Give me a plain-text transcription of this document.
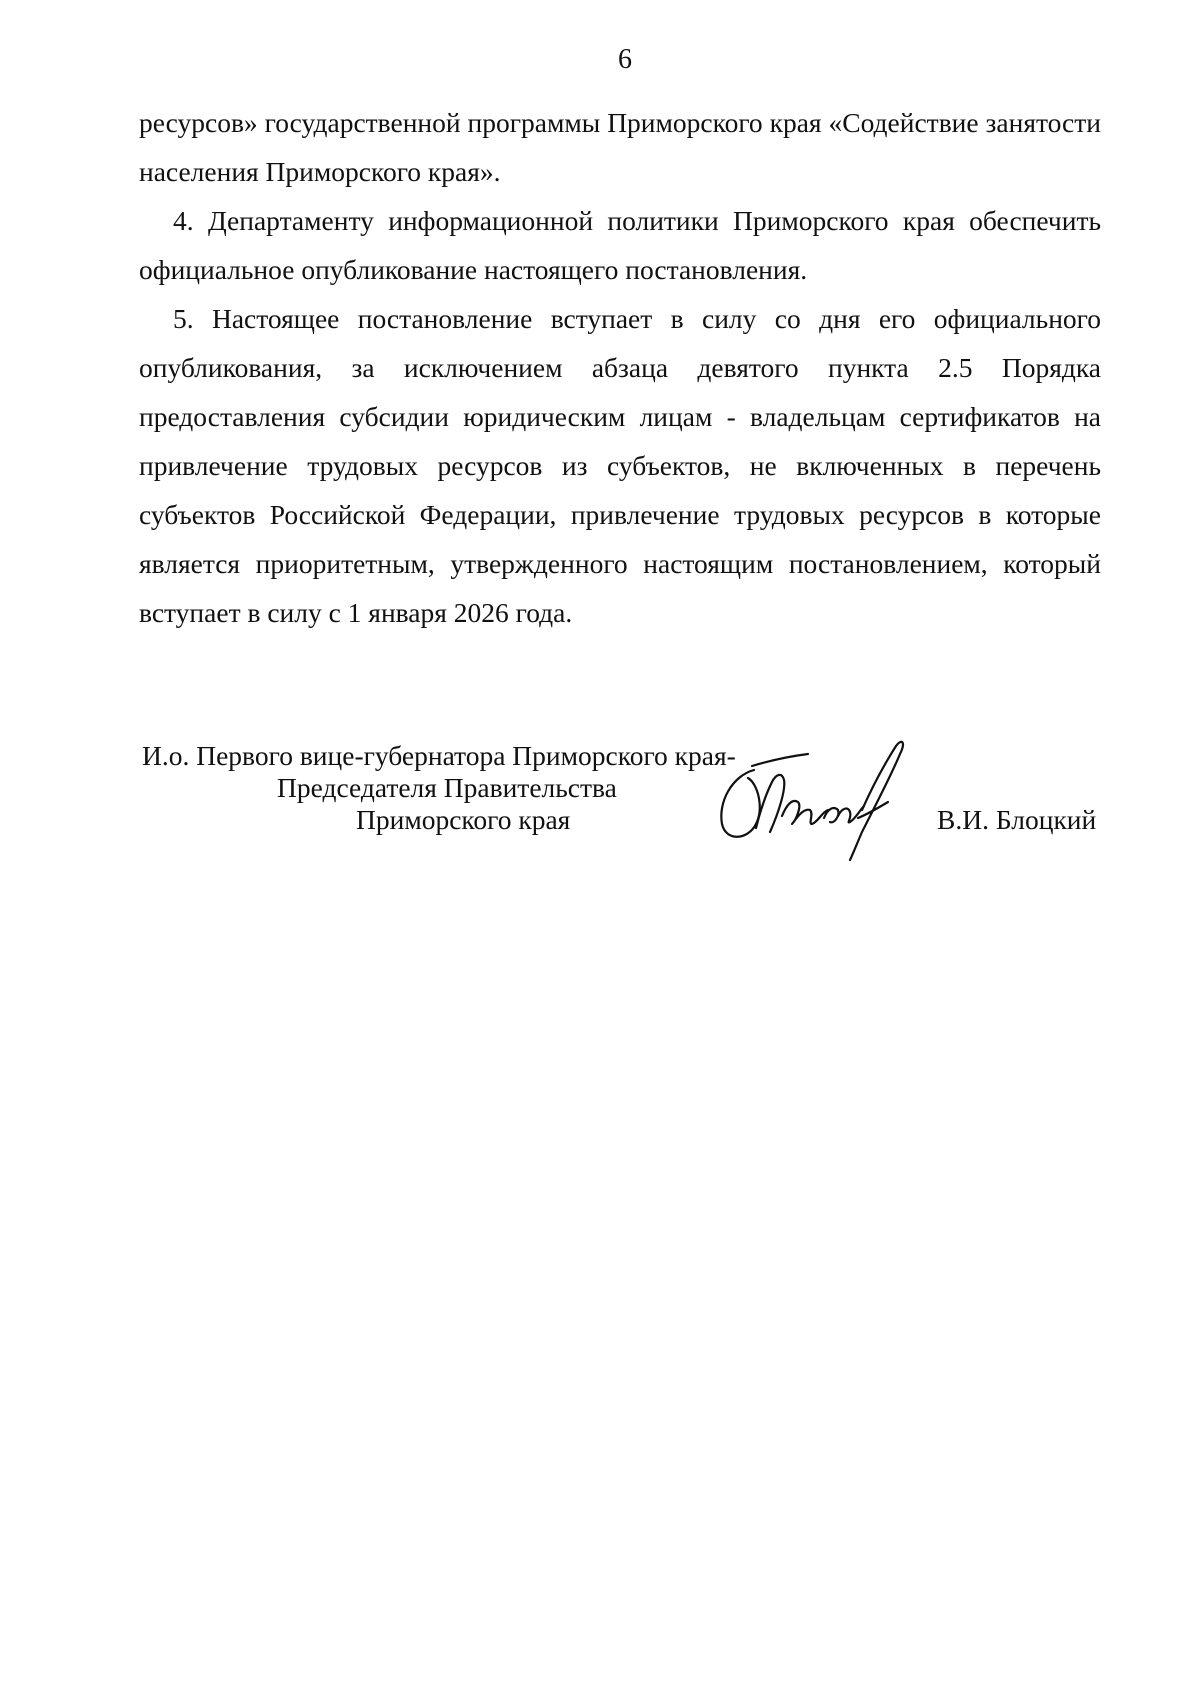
6

ресурсов» государственной программы Приморского края «Содействие занятости населения Приморского края».

4. Департаменту информационной политики Приморского края обеспечить официальное опубликование настоящего постановления.

5. Настоящее постановление вступает в силу со дня его официального опубликования, за исключением абзаца девятого пункта 2.5 Порядка предоставления субсидии юридическим лицам - владельцам сертификатов на привлечение трудовых ресурсов из субъектов, не включенных в перечень субъектов Российской Федерации, привлечение трудовых ресурсов в которые является приоритетным, утвержденного настоящим постановлением, который вступает в силу с 1 января 2026 года.

И.о. Первого вице-губернатора Приморского края-
Председателя Правительства
Приморского края	В.И. Блоцкий
